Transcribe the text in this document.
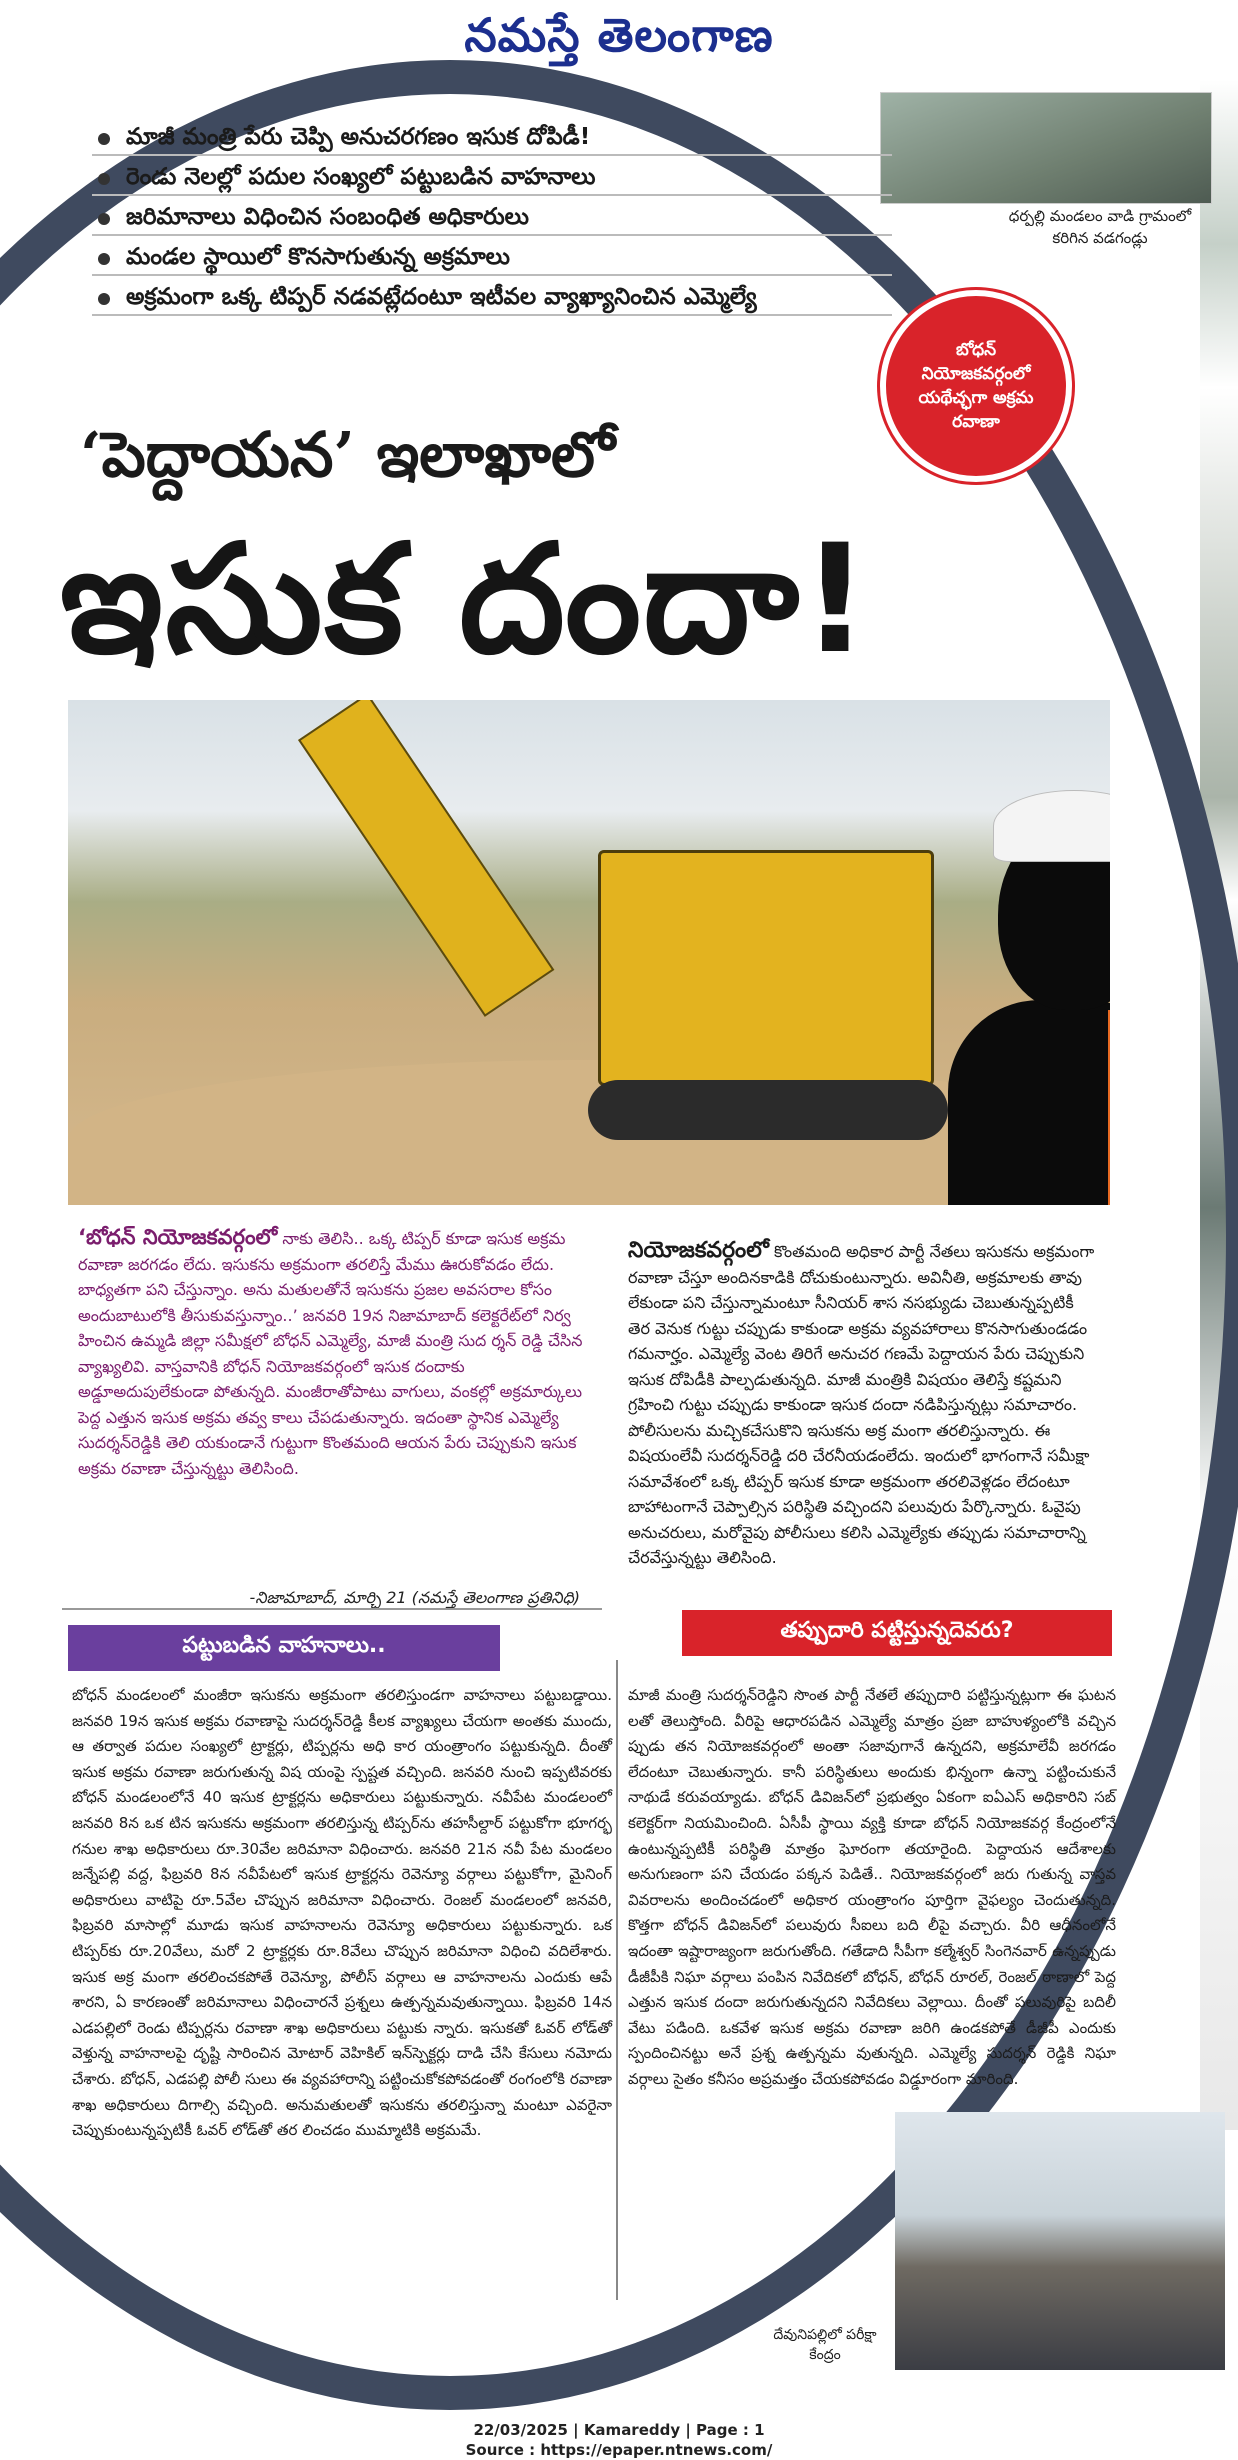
నమస్తే తెలంగాణ
మాజీ మంత్రి పేరు చెప్పి అనుచరగణం ఇసుక దోపిడీ!
రెండు నెలల్లో పదుల సంఖ్యలో పట్టుబడిన వాహనాలు
జరిమానాలు విధించిన సంబంధిత అధికారులు
మండల స్థాయిలో కొనసాగుతున్న అక్రమాలు
అక్రమంగా ఒక్క టిప్పర్ నడవట్లేదంటూ ఇటీవల వ్యాఖ్యానించిన ఎమ్మెల్యే
ధర్పల్లి మండలం వాడి గ్రామంలో కరిగిన వడగండ్లు
బోధన్ నియోజకవర్గంలో యథేచ్ఛగా అక్రమ రవాణా
‘పెద్దాయన’ ఇలాఖాలో
ఇసుక దందా!
‘బోధన్ నియోజకవర్గంలో నాకు తెలిసి.. ఒక్క టిప్పర్ కూడా ఇసుక అక్రమ రవాణా జరగడం లేదు. ఇసుకను అక్రమంగా తరలిస్తే మేము ఊరుకోవడం లేదు. బాధ్యతగా పని చేస్తున్నాం. అను మతులతోనే ఇసుకను ప్రజల అవసరాల కోసం అందుబాటులోకి తీసుకువస్తున్నాం..’ జనవరి 19న నిజామాబాద్ కలెక్టరేట్‌లో నిర్వ హించిన ఉమ్మడి జిల్లా సమీక్షలో బోధన్ ఎమ్మెల్యే, మాజీ మంత్రి సుద ర్శన్ రెడ్డి చేసిన వ్యాఖ్యలివి. వాస్తవానికి బోధన్ నియోజకవర్గంలో ఇసుక దందాకు అడ్డూఅదుపులేకుండా పోతున్నది. మంజీరాతోపాటు వాగులు, వంకల్లో అక్రమార్కులు పెద్ద ఎత్తున ఇసుక అక్రమ తవ్వ కాలు చేపడుతున్నారు. ఇదంతా స్థానిక ఎమ్మెల్యే సుదర్శన్‌రెడ్డికి తెలి యకుండానే గుట్టుగా కొంతమంది ఆయన పేరు చెప్పుకుని ఇసుక అక్రమ రవాణా చేస్తున్నట్టు తెలిసింది.
-నిజామాబాద్, మార్చి 21 (నమస్తే తెలంగాణ ప్రతినిధి)
నియోజకవర్గంలో కొంతమంది అధికార పార్టీ నేతలు ఇసుకను అక్రమంగా రవాణా చేస్తూ అందినకాడికి దోచుకుంటున్నారు. అవినీతి, అక్రమాలకు తావు లేకుండా పని చేస్తున్నామంటూ సీనియర్ శాస నసభ్యుడు చెబుతున్నప్పటికీ తెర వెనుక గుట్టు చప్పుడు కాకుండా అక్రమ వ్యవహారాలు కొనసాగుతుండడం గమనార్హం. ఎమ్మెల్యే వెంట తిరిగే అనుచర గణమే పెద్దాయన పేరు చెప్పుకుని ఇసుక దోపిడీకి పాల్పడుతున్నది. మాజీ మంత్రికి విషయం తెలిస్తే కష్టమని గ్రహించి గుట్టు చప్పుడు కాకుండా ఇసుక దందా నడిపిస్తున్నట్లు సమాచారం. పోలీసులను మచ్చికచేసుకొని ఇసుకను అక్ర మంగా తరలిస్తున్నారు. ఈ విషయంలేవీ సుదర్శన్‌రెడ్డి దరి చేరనీయడంలేదు. ఇందులో భాగంగానే సమీక్షా సమావేశంలో ఒక్క టిప్పర్ ఇసుక కూడా అక్రమంగా తరలివెళ్లడం లేదంటూ బాహాటంగానే చెప్పాల్సిన పరిస్థితి వచ్చిందని పలువురు పేర్కొన్నారు. ఓవైపు అనుచరులు, మరోవైపు పోలీసులు కలిసి ఎమ్మెల్యేకు తప్పుడు సమాచారాన్ని చేరవేస్తున్నట్టు తెలిసింది.
పట్టుబడిన వాహనాలు..
తప్పుదారి పట్టిస్తున్నదెవరు?
బోధన్ మండలంలో మంజీరా ఇసుకను అక్రమంగా తరలిస్తుండగా వాహనాలు పట్టుబడ్డాయి. జనవరి 19న ఇసుక అక్రమ రవాణాపై సుదర్శన్‌రెడ్డి కీలక వ్యాఖ్యలు చేయగా అంతకు ముందు, ఆ తర్వాత పదుల సంఖ్యలో ట్రాక్టర్లు, టిప్పర్లను అధి కార యంత్రాంగం పట్టుకున్నది. దీంతో ఇసుక అక్రమ రవాణా జరుగుతున్న విష యంపై స్పష్టత వచ్చింది. జనవరి నుంచి ఇప్పటివరకు బోధన్ మండలంలోనే 40 ఇసుక ట్రాక్టర్లను అధికారులు పట్టుకున్నారు. నవీపేట మండలంలో జనవరి 8న ఒక టిన ఇసుకను అక్రమంగా తరలిస్తున్న టిప్పర్‌ను తహసీల్దార్ పట్టుకోగా భూగర్భ గనుల శాఖ అధికారులు రూ.30వేల జరిమానా విధించారు. జనవరి 21న నవీ పేట మండలం జన్నేపల్లి వద్ద, ఫిబ్రవరి 8న నవీపేటలో ఇసుక ట్రాక్టర్లను రెవెన్యూ వర్గాలు పట్టుకోగా, మైనింగ్ అధికారులు వాటిపై రూ.5వేల చొప్పున జరిమానా విధించారు. రెంజల్ మండలంలో జనవరి, ఫిబ్రవరి మాసాల్లో మూడు ఇసుక వాహనాలను రెవెన్యూ అధికారులు పట్టుకున్నారు. ఒక టిప్పర్‌కు రూ.20వేలు, మరో 2 ట్రాక్టర్లకు రూ.8వేలు చొప్పున జరిమానా విధించి వదిలేశారు. ఇసుక అక్ర మంగా తరలించకపోతే రెవెన్యూ, పోలీస్ వర్గాలు ఆ వాహనాలను ఎందుకు ఆపే శారని, ఏ కారణంతో జరిమానాలు విధించారనే ప్రశ్నలు ఉత్పన్నమవుతున్నాయి. ఫిబ్రవరి 14న ఎడపల్లిలో రెండు టిప్పర్లను రవాణా శాఖ అధికారులు పట్టుకు న్నారు. ఇసుకతో ఓవర్ లోడ్‌తో వెళ్తున్న వాహనాలపై దృష్టి సారించిన మోటార్ వెహికిల్ ఇన్‌స్పెక్టర్లు దాడి చేసి కేసులు నమోదు చేశారు. బోధన్, ఎడపల్లి పోలీ సులు ఈ వ్యవహారాన్ని పట్టించుకోకపోవడంతో రంగంలోకి రవాణా శాఖ అధికారులు దిగాల్సి వచ్చింది. అనుమతులతో ఇసుకను తరలిస్తున్నా మంటూ ఎవరైనా చెప్పుకుంటున్నప్పటికీ ఓవర్ లోడ్‌తో తర లించడం ముమ్మాటికి అక్రమమే.
మాజీ మంత్రి సుదర్శన్‌రెడ్డిని సొంత పార్టీ నేతలే తప్పుదారి పట్టిస్తున్నట్లుగా ఈ ఘటన లతో తెలుస్తోంది. వీరిపై ఆధారపడిన ఎమ్మెల్యే మాత్రం ప్రజా బాహుళ్యంలోకి వచ్చిన ప్పుడు తన నియోజకవర్గంలో అంతా సజావుగానే ఉన్నదని, అక్రమాలేవీ జరగడం లేదంటూ చెబుతున్నారు. కానీ పరిస్థితులు అందుకు భిన్నంగా ఉన్నా పట్టించుకునే నాథుడే కరువయ్యాడు. బోధన్ డివిజన్‌లో ప్రభుత్వం ఏకంగా ఐఏఎస్ అధికారిని సబ్ కలెక్టర్‌గా నియమించింది. ఏసీపీ స్థాయి వ్యక్తి కూడా బోధన్ నియోజకవర్గ కేంద్రంలోనే ఉంటున్నప్పటికీ పరిస్థితి మాత్రం ఘోరంగా తయారైంది. పెద్దాయన ఆదేశాలకు అనుగుణంగా పని చేయడం పక్కన పెడితే.. నియోజకవర్గంలో జరు గుతున్న వాస్తవ వివరాలను అందించడంలో అధికార యంత్రాంగం పూర్తిగా వైఫల్యం చెందుతున్నది. కొత్తగా బోధన్ డివిజన్‌లో పలువురు సీఐలు బది లీపై వచ్చారు. వీరి ఆధీనంలోనే ఇదంతా ఇష్టారాజ్యంగా జరుగుతోంది. గతేడాది సీపీగా కల్మేశ్వర్ సింగెనవార్ ఉన్నప్పుడు డీజీపీకి నిఘా వర్గాలు పంపిన నివేదికలో బోధన్, బోధన్ రూరల్, రెంజల్ ఠాణాలో పెద్ద ఎత్తున ఇసుక దందా జరుగుతున్నదని నివేదికలు వెల్లాయి. దీంతో పలువురిపై బదిలీ వేటు పడింది. ఒకవేళ ఇసుక అక్రమ రవాణా జరిగి ఉండకపోతే డీజీపీ ఎందుకు స్పందించినట్టు అనే ప్రశ్న ఉత్పన్నమ వుతున్నది. ఎమ్మెల్యే సుదర్శన్ రెడ్డికి నిఘా వర్గాలు సైతం కనీసం అప్రమత్తం చేయకపోవడం విడ్డూరంగా మారింది.
దేవునిపల్లిలో పరీక్షా కేంద్రం
22/03/2025 | Kamareddy | Page : 1
Source : https://epaper.ntnews.com/
